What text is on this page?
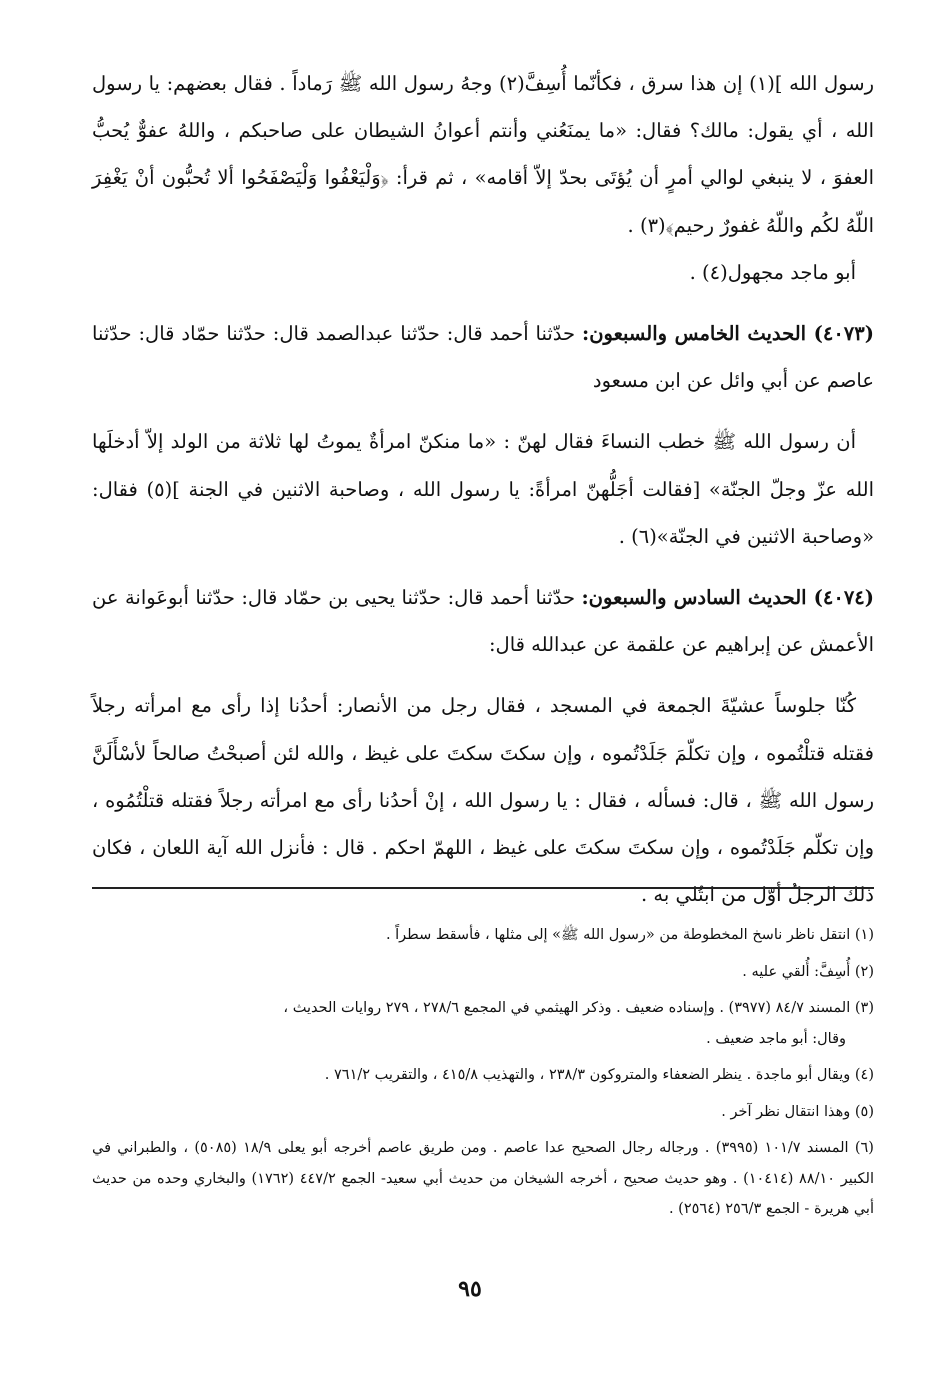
رسول الله ](١) إن هذا سرق ، فكأنّما أُسِفَّ(٢) وجهُ رسول الله ﷺ رَماداً . فقال بعضهم: يا رسول الله ، أي يقول: مالك؟ فقال: «ما يمنَعُني وأنتم أعوانُ الشيطان على صاحبكم ، واللهُ عفوٌّ يُحبُّ العفوَ ، لا ينبغي لوالي أمرٍ أن يُؤتَى بحدّ إلاّ أقامه» ، ثم قرأ: ﴿وَلْيَعْفُوا وَلْيَصْفَحُوا ألا تُحبُّون أنْ يَغْفِرَ اللّهُ لكُم واللّهُ غفورٌ رحيم﴾(٣) .

أبو ماجد مجهول(٤) .

(٤٠٧٣) الحديث الخامس والسبعون: حدّثنا أحمد قال: حدّثنا عبدالصمد قال: حدّثنا حمّاد قال: حدّثنا عاصم عن أبي وائل عن ابن مسعود

أن رسول الله ﷺ خطب النساءَ فقال لهنّ : «ما منكنّ امرأةٌ يموتُ لها ثلاثة من الولد إلاّ أدخلَها الله عزّ وجلّ الجنّة» [فقالت أجَلُّهنّ امرأةً: يا رسول الله ، وصاحبة الاثنين في الجنة ](٥) فقال: «وصاحبة الاثنين في الجنّة»(٦) .

(٤٠٧٤) الحديث السادس والسبعون: حدّثنا أحمد قال: حدّثنا يحيى بن حمّاد قال: حدّثنا أبوعَوانة عن الأعمش عن إبراهيم عن علقمة عن عبدالله قال:

كُنّا جلوساً عشيّةَ الجمعة في المسجد ، فقال رجل من الأنصار: أحدُنا إذا رأى مع امرأته رجلاً فقتله قتلْتُموه ، وإن تكلّمَ جَلَدْتُموه ، وإن سكتَ سكتَ على غيظ ، والله لئن أصبحْتُ صالحاً لأسْأَلَنَّ رسول الله ﷺ ، قال: فسأله ، فقال : يا رسول الله ، إنْ أحدُنا رأى مع امرأته رجلاً فقتله قتلْتُمُوه ، وإن تكلّم جَلَدْتُموه ، وإن سكتَ سكتَ على غيظ ، اللهمّ احكم . قال : فأنزل الله آية اللعان ، فكان ذلك الرجلُ أوّل من ابتُلي به .

(١) انتقل ناظر ناسخ المخطوطة من «رسول الله ﷺ» إلى مثلها ، فأسقط سطراً .

(٢) أُسِفَّ: أُلقي عليه .

(٣) المسند ٨٤/٧ (٣٩٧٧) . وإسناده ضعيف . وذكر الهيثمي في المجمع ٢٧٨/٦ ، ٢٧٩ روايات الحديث ،
وقال: أبو ماجد ضعيف .

(٤) ويقال أبو ماجدة . ينظر الضعفاء والمتروكون ٢٣٨/٣ ، والتهذيب ٤١٥/٨ ، والتقريب ٧٦١/٢ .

(٥) وهذا انتقال نظر آخر .

(٦) المسند ١٠١/٧ (٣٩٩٥) . ورجاله رجال الصحيح عدا عاصم . ومن طريق عاصم أخرجه أبو يعلى ١٨/٩ (٥٠٨٥) ، والطبراني في الكبير ٨٨/١٠ (١٠٤١٤) . وهو حديث صحيح ، أخرجه الشيخان من حديث أبي سعيد- الجمع ٤٤٧/٢ (١٧٦٢) والبخاري وحده من حديث أبي هريرة - الجمع ٢٥٦/٣ (٢٥٦٤) .

٩٥
